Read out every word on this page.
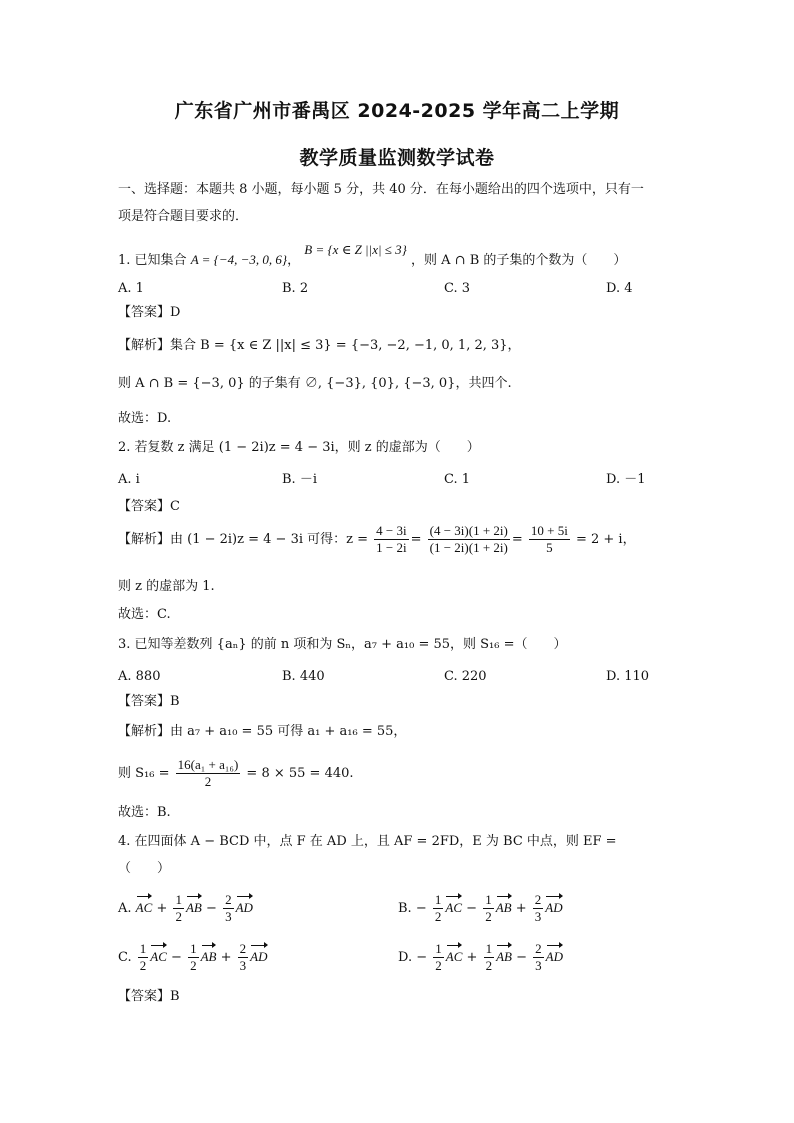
广东省广州市番禺区 2024-2025 学年高二上学期
教学质量监测数学试卷
一、选择题：本题共 8 小题，每小题 5 分，共 40 分．在每小题给出的四个选项中，只有一
项是符合题目要求的．
1. 已知集合 A = {−4, −3, 0, 6}， B = {x ∈ Z ||x| ≤ 3} ，则 A ∩ B 的子集的个数为（　　）
A. 1	B. 2	C. 3	D. 4
【答案】D
【解析】集合 B = {x ∈ Z ||x| ≤ 3} = {−3, −2, −1, 0, 1, 2, 3}，
则 A ∩ B = {−3, 0} 的子集有 ∅, {−3}, {0}, {−3, 0}，共四个.
故选：D.
2. 若复数 z 满足 (1 − 2i)z = 4 − 3i，则 z 的虚部为（　　）
A. i	B. －i	C. 1	D. －1
【答案】C
【解析】由 (1 − 2i)z = 4 − 3i 可得：$z = \frac{4 - 3i}{1 - 2i} = \frac{(4 - 3i)(1 + 2i)}{(1 - 2i)(1 + 2i)} = \frac{10 + 5i}{5} = 2 + i$，
则 z 的虚部为 1.
故选：C.
3. 已知等差数列 {aₙ} 的前 n 项和为 Sₙ，a₇ + a₁₀ = 55，则 S₁₆ =（　　）
A. 880	B. 440	C. 220	D. 110
【答案】B
【解析】由 a₇ + a₁₀ = 55 可得 a₁ + a₁₆ = 55，
则 $S_{16} = \frac{\text{16(a₁ + a₁₆)}}{2} = 8 \times 55 = 440$.
故选：B.
4. 在四面体 A − BCD 中，点 F 在 AD 上，且 AF = 2FD，E 为 BC 中点，则 EF =
（　　）
A. AC + $\frac{1}{2}$ AB − $\frac{2}{3}$ AD	B. − $\frac{1}{2}$ AC − $\frac{1}{2}$ AB + $\frac{2}{3}$ AD
C. $\frac{1}{2}$ AC − $\frac{1}{2}$ AB + $\frac{2}{3}$ AD	D. − $\frac{1}{2}$ AC + $\frac{1}{2}$ AB − $\frac{2}{3}$ AD
【答案】B
